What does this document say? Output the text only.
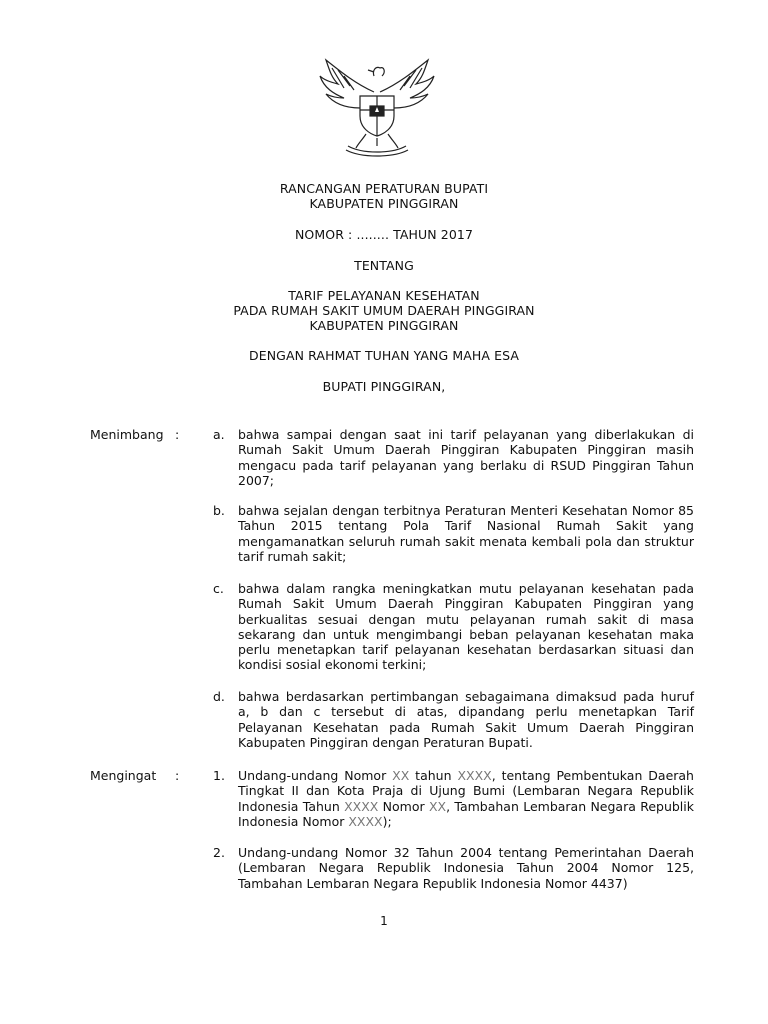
RANCANGAN PERATURAN BUPATI
KABUPATEN PINGGIRAN
NOMOR : ........ TAHUN 2017
TENTANG
TARIF PELAYANAN KESEHATAN
PADA RUMAH SAKIT UMUM DAERAH PINGGIRAN
KABUPATEN PINGGIRAN
DENGAN RAHMAT TUHAN YANG MAHA ESA
BUPATI PINGGIRAN,
Menimbang :	a. bahwa sampai dengan saat ini tarif pelayanan yang diberlakukan di Rumah Sakit Umum Daerah Pinggiran Kabupaten Pinggiran masih mengacu pada tarif pelayanan yang berlaku di RSUD Pinggiran Tahun 2007;
b. bahwa sejalan dengan terbitnya Peraturan Menteri Kesehatan Nomor 85 Tahun 2015 tentang Pola Tarif Nasional Rumah Sakit yang mengamanatkan seluruh rumah sakit menata kembali pola dan struktur tarif rumah sakit;
c. bahwa dalam rangka meningkatkan mutu pelayanan kesehatan pada Rumah Sakit Umum Daerah Pinggiran Kabupaten Pinggiran yang berkualitas sesuai dengan mutu pelayanan rumah sakit di masa sekarang dan untuk mengimbangi beban pelayanan kesehatan maka perlu menetapkan tarif pelayanan kesehatan berdasarkan situasi dan kondisi sosial ekonomi terkini;
d. bahwa berdasarkan pertimbangan sebagaimana dimaksud pada huruf a, b dan c tersebut di atas, dipandang perlu menetapkan Tarif Pelayanan Kesehatan pada Rumah Sakit Umum Daerah Pinggiran Kabupaten Pinggiran dengan Peraturan Bupati.
Mengingat :	1. Undang-undang Nomor XX tahun XXXX, tentang Pembentukan Daerah Tingkat II dan Kota Praja di Ujung Bumi (Lembaran Negara Republik Indonesia Tahun XXXX Nomor XX, Tambahan Lembaran Negara Republik Indonesia Nomor XXXX);
2. Undang-undang Nomor 32 Tahun 2004 tentang Pemerintahan Daerah (Lembaran Negara Republik Indonesia Tahun 2004 Nomor 125, Tambahan Lembaran Negara Republik Indonesia Nomor 4437)
1
